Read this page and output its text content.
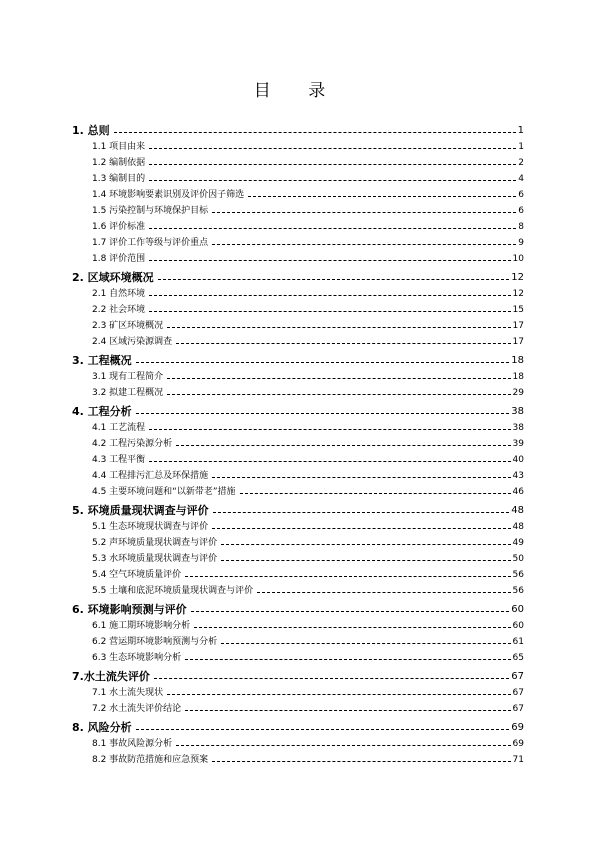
目 录
1. 总则	1
1.1 项目由来	1
1.2 编制依据	2
1.3 编制目的	4
1.4 环境影响要素识别及评价因子筛选	6
1.5 污染控制与环境保护目标	6
1.6 评价标准	8
1.7 评价工作等级与评价重点	9
1.8 评价范围	10
2. 区域环境概况	12
2.1 自然环境	12
2.2 社会环境	15
2.3 矿区环境概况	17
2.4 区域污染源调查	17
3. 工程概况	18
3.1 现有工程简介	18
3.2 拟建工程概况	29
4. 工程分析	38
4.1 工艺流程	38
4.2 工程污染源分析	39
4.3 工程平衡	40
4.4 工程排污汇总及环保措施	43
4.5 主要环境问题和“以新带老”措施	46
5. 环境质量现状调查与评价	48
5.1 生态环境现状调查与评价	48
5.2 声环境质量现状调查与评价	49
5.3 水环境质量现状调查与评价	50
5.4 空气环境质量评价	56
5.5 土壤和底泥环境质量现状调查与评价	56
6. 环境影响预测与评价	60
6.1 施工期环境影响分析	60
6.2 营运期环境影响预测与分析	61
6.3 生态环境影响分析	65
7.水土流失评价	67
7.1 水土流失现状	67
7.2 水土流失评价结论	67
8. 风险分析	69
8.1 事故风险源分析	69
8.2 事故防范措施和应急预案	71
